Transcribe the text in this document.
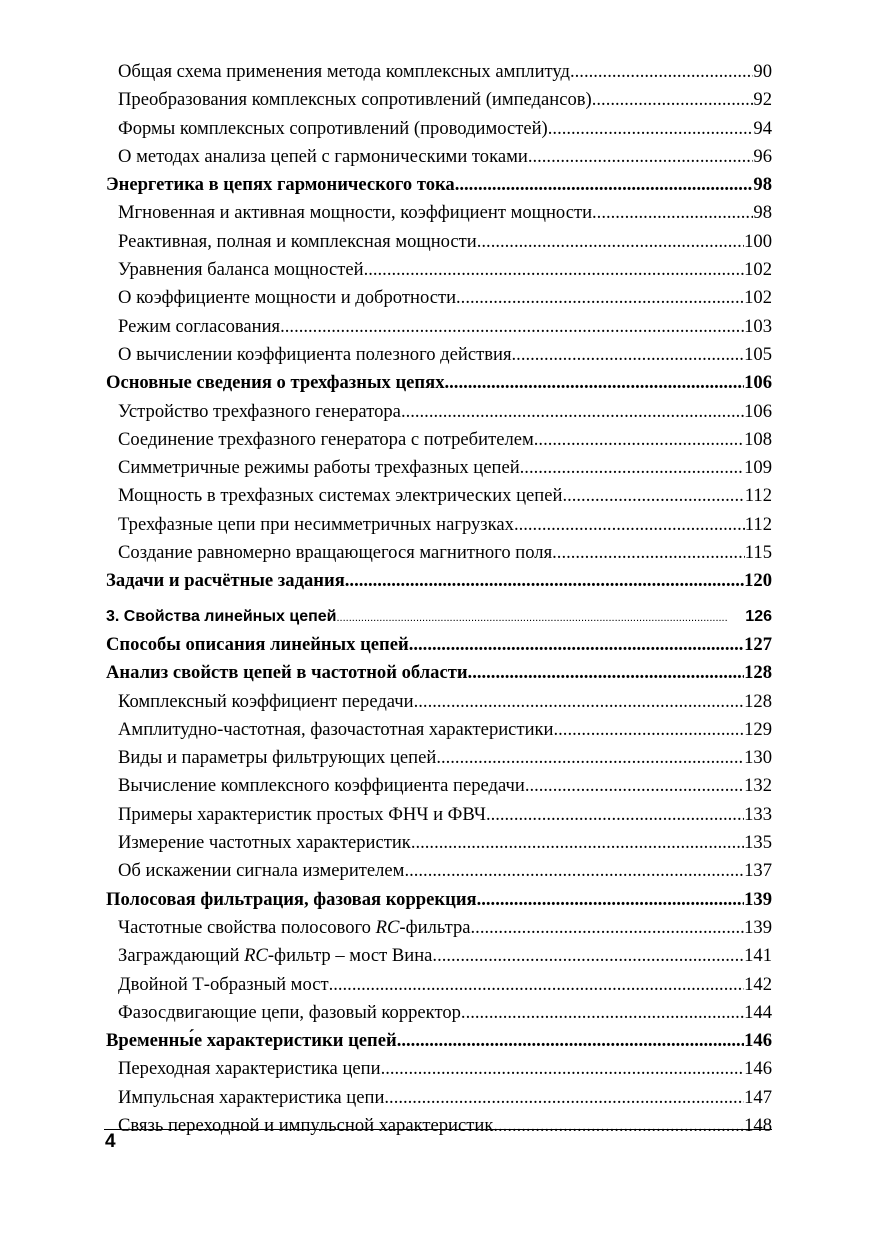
Общая схема применения метода комплексных амплитуд .....	90
Преобразования комплексных сопротивлений (импедансов) .....	92
Формы комплексных сопротивлений (проводимостей) .....	94
О методах анализа цепей с гармоническими токами .....	96
Энергетика в цепях гармонического тока .....	98
Мгновенная и активная мощности, коэффициент мощности .....	98
Реактивная, полная и комплексная мощности .....	100
Уравнения баланса мощностей .....	102
О коэффициенте мощности и добротности .....	102
Режим согласования .....	103
О вычислении коэффициента полезного действия .....	105
Основные сведения о трехфазных цепях .....	106
Устройство трехфазного генератора .....	106
Соединение трехфазного генератора с потребителем .....	108
Симметричные режимы работы трехфазных цепей .....	109
Мощность в трехфазных системах электрических цепей .....	112
Трехфазные цепи при несимметричных нагрузках .....	112
Создание равномерно вращающегося магнитного поля .....	115
Задачи и расчётные задания .....	120
3. Свойства линейных цепей .....	126
Способы описания линейных цепей .....	127
Анализ свойств цепей в частотной области .....	128
Комплексный коэффициент передачи .....	128
Амплитудно-частотная, фазочастотная характеристики .....	129
Виды и параметры фильтрующих цепей .....	130
Вычисление комплексного коэффициента передачи .....	132
Примеры характеристик простых ФНЧ и ФВЧ .....	133
Измерение частотных характеристик .....	135
Об искажении сигнала измерителем .....	137
Полосовая фильтрация, фазовая коррекция .....	139
Частотные свойства полосового RC-фильтра .....	139
Заграждающий RC-фильтр – мост Вина .....	141
Двойной Т-образный мост .....	142
Фазосдвигающие цепи, фазовый корректор .....	144
Временны́е характеристики цепей .....	146
Переходная характеристика цепи .....	146
Импульсная характеристика цепи .....	147
Связь переходной и импульсной характеристик .....	148
4
